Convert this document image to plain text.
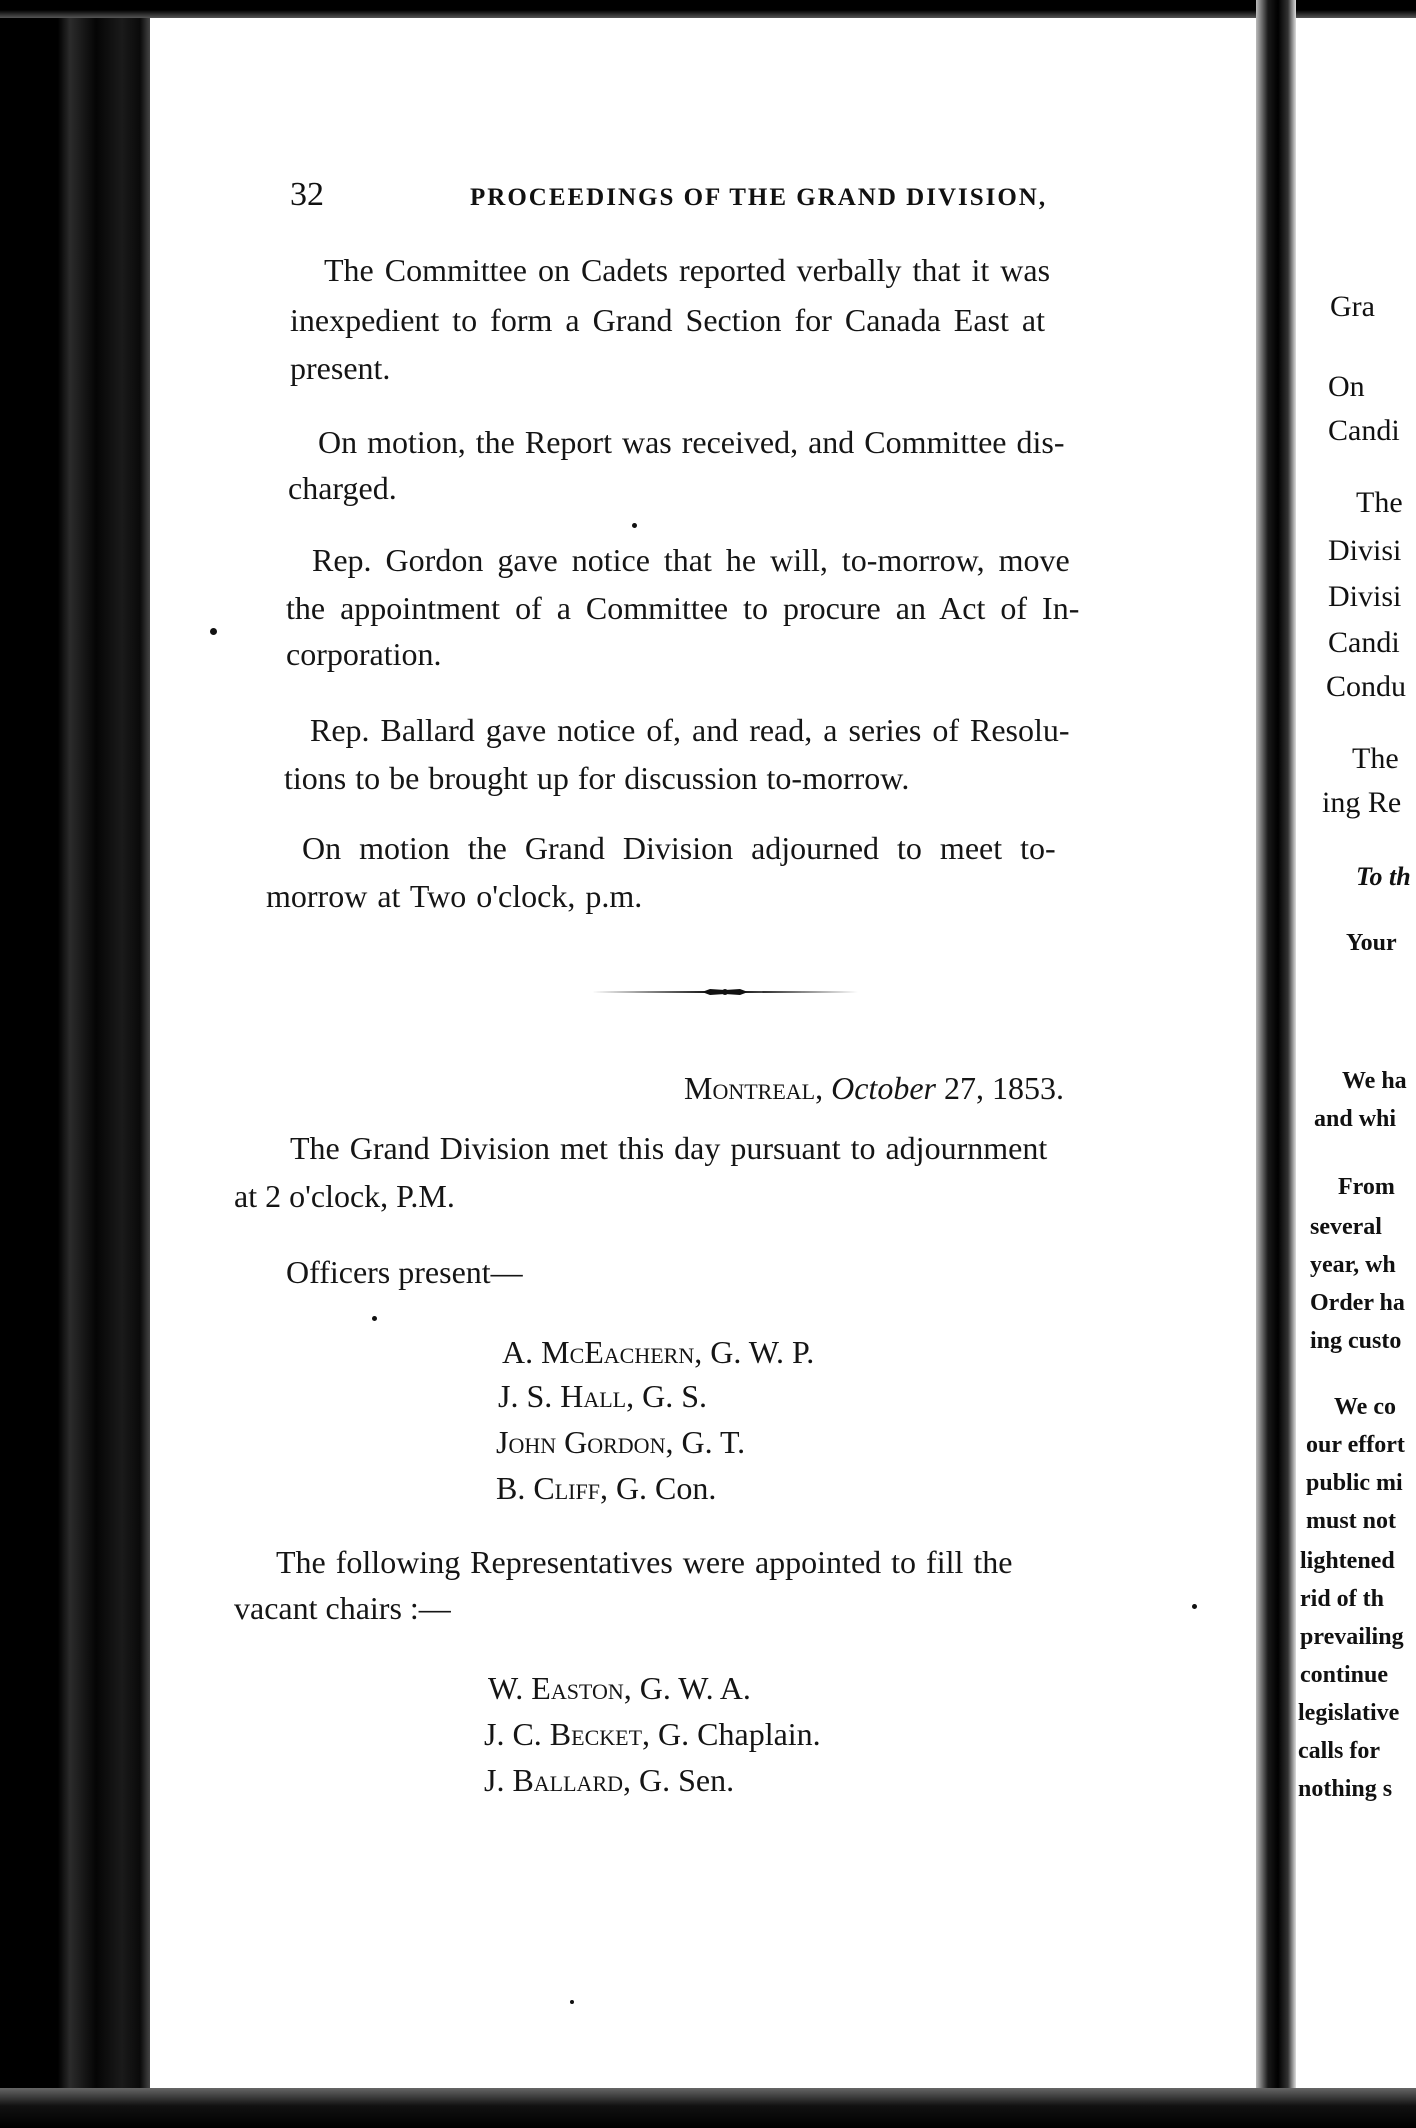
32	PROCEEDINGS OF THE GRAND DIVISION,
The Committee on Cadets reported verbally that it was
inexpedient to form a Grand Section for Canada East at
present.
On motion, the Report was received, and Committee dis-
charged.
Rep. Gordon gave notice that he will, to-morrow, move
the appointment of a Committee to procure an Act of In-
corporation.
Rep. Ballard gave notice of, and read, a series of Resolu-
tions to be brought up for discussion to-morrow.
On motion the Grand Division adjourned to meet to-
morrow at Two o'clock, p.m.
Montreal, October 27, 1853.
The Grand Division met this day pursuant to adjournment
at 2 o'clock, P.M.
Officers present—
A. McEachern, G. W. P.
J. S. Hall, G. S.
John Gordon, G. T.
B. Cliff, G. Con.
The following Representatives were appointed to fill the
vacant chairs :—
W. Easton, G. W. A.
J. C. Becket, G. Chaplain.
J. Ballard, G. Sen.
Gra
On
Candi
The
Divisi
Divisi
Candi
Condu
The
ing Re
To th
Your
We ha
and whi
From
several
year, wh
Order ha
ing custo
We co
our effort
public mi
must not
lightened
rid of th
prevailing
continue
legislative
calls for
nothing s
